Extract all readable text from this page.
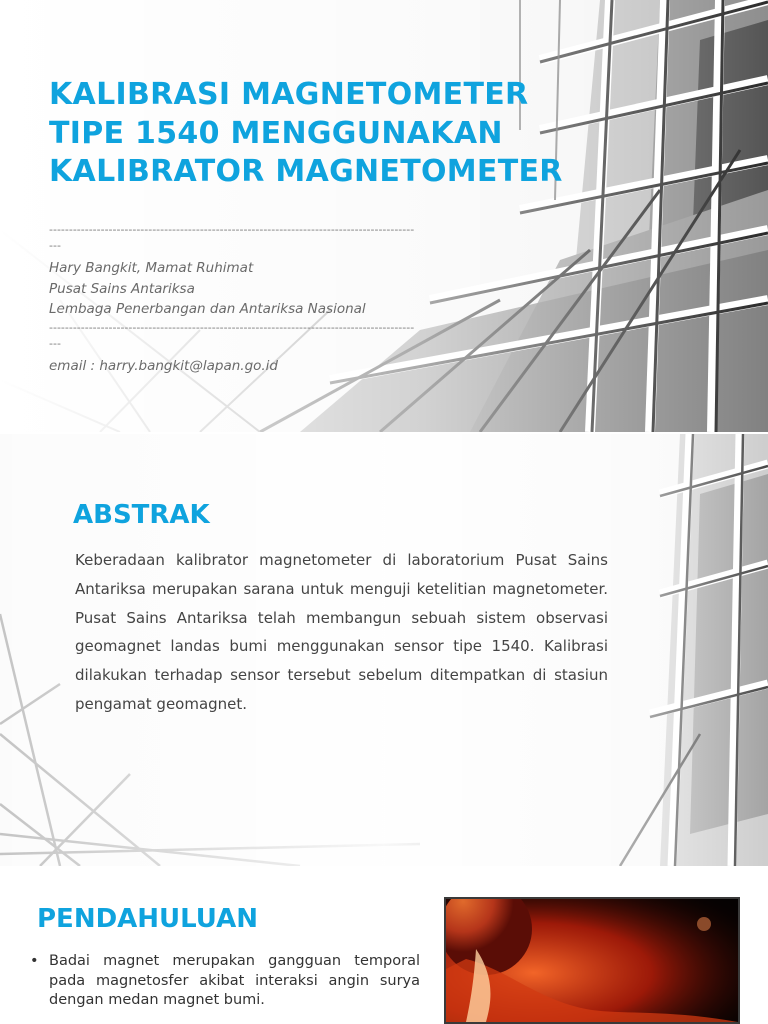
KALIBRASI MAGNETOMETER
TIPE 1540 MENGGUNAKAN
KALIBRATOR MAGNETOMETER
--------------------------------------------------------------------------------------------
---
Hary Bangkit, Mamat Ruhimat
Pusat Sains Antariksa
Lembaga Penerbangan dan Antariksa Nasional
--------------------------------------------------------------------------------------------
---
email : harry.bangkit@lapan.go.id
ABSTRAK
Keberadaan kalibrator magnetometer di laboratorium Pusat Sains Antariksa merupakan sarana untuk menguji ketelitian magnetometer. Pusat Sains Antariksa telah membangun sebuah sistem observasi geomagnet landas bumi menggunakan sensor tipe 1540. Kalibrasi dilakukan terhadap sensor tersebut sebelum ditempatkan di stasiun pengamat geomagnet.
PENDAHULUAN
• Badai magnet merupakan gangguan temporal pada magnetosfer akibat interaksi angin surya dengan medan magnet bumi.
